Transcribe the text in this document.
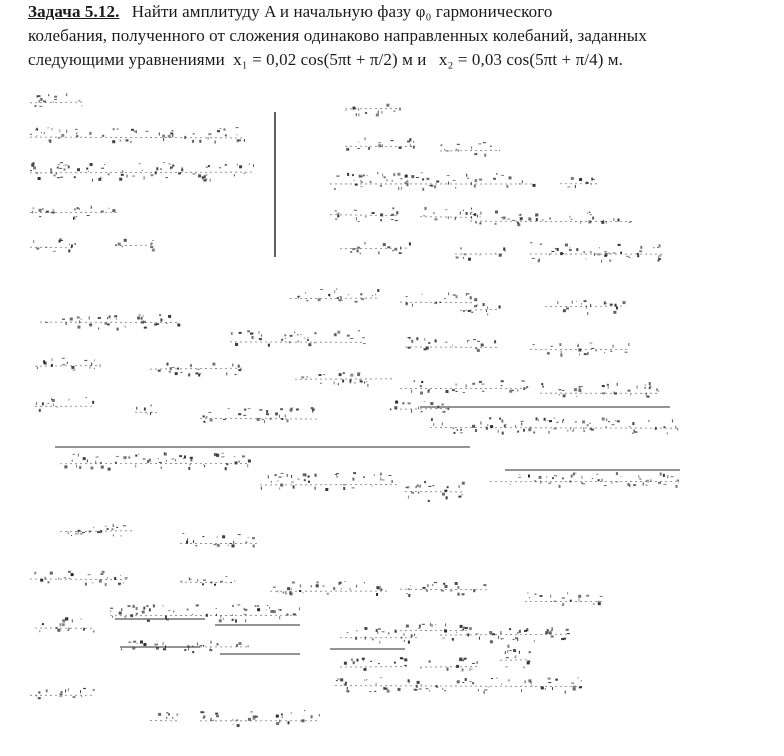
Задача 5.12. Найти амплитуду A и начальную фазу φ₀ гармонического
колебания, полученного от сложения одинаково направленных колебаний, заданных
следующими уравнениями x₁ = 0,02 cos(5πt + π/2) м и x₂ = 0,03 cos(5πt + π/4) м.
